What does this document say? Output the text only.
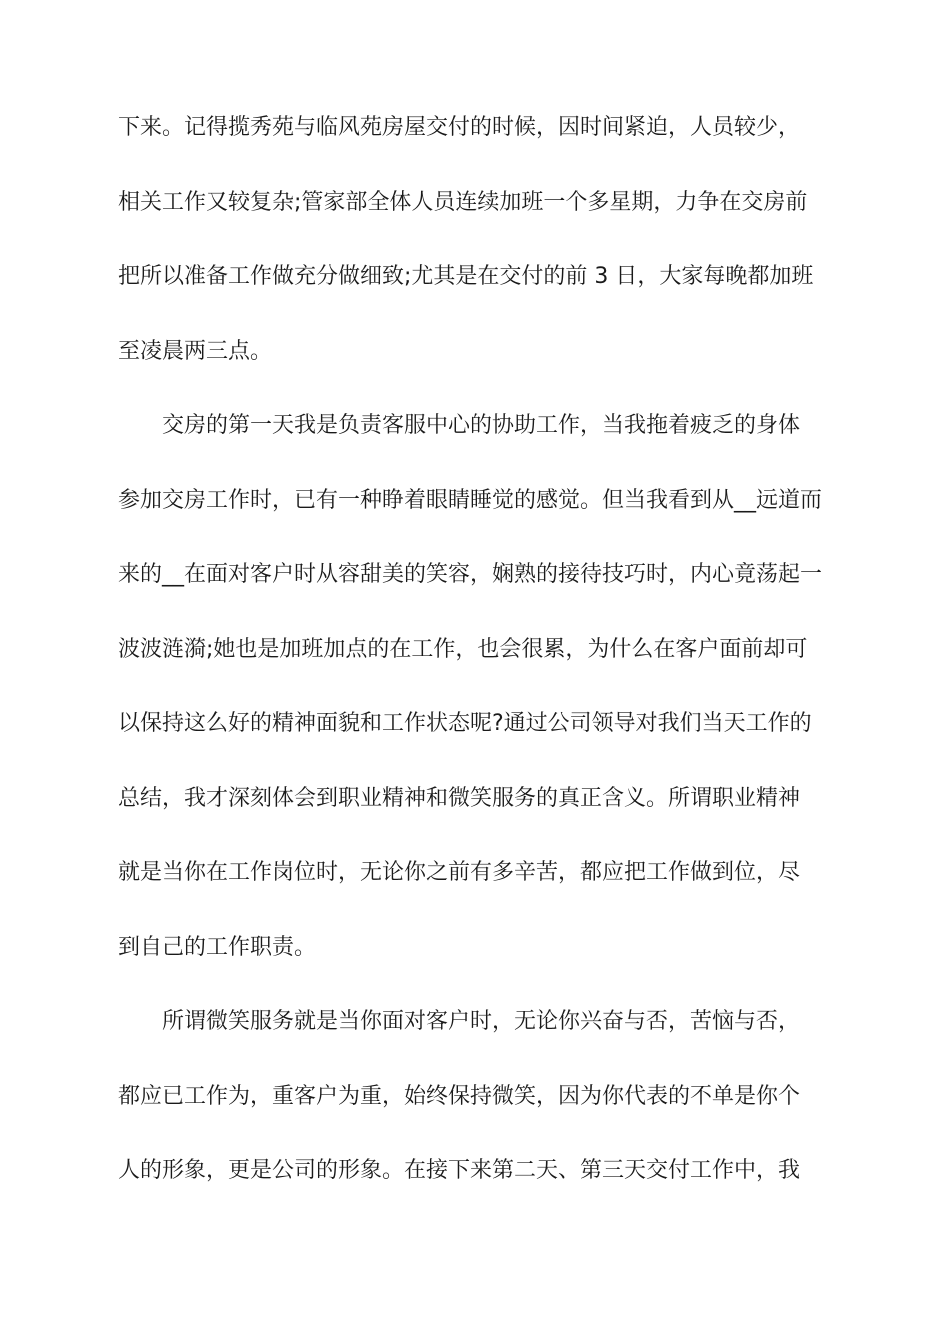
下来。记得揽秀苑与临风苑房屋交付的时候，因时间紧迫，人员较少，
相关工作又较复杂;管家部全体人员连续加班一个多星期，力争在交房前
把所以准备工作做充分做细致;尤其是在交付的前 3 日，大家每晚都加班
至凌晨两三点。
交房的第一天我是负责客服中心的协助工作，当我拖着疲乏的身体
参加交房工作时，已有一种睁着眼睛睡觉的感觉。但当我看到从__远道而
来的__在面对客户时从容甜美的笑容，娴熟的接待技巧时，内心竟荡起一
波波涟漪;她也是加班加点的在工作，也会很累，为什么在客户面前却可
以保持这么好的精神面貌和工作状态呢?通过公司领导对我们当天工作的
总结，我才深刻体会到职业精神和微笑服务的真正含义。所谓职业精神
就是当你在工作岗位时，无论你之前有多辛苦，都应把工作做到位，尽
到自己的工作职责。
所谓微笑服务就是当你面对客户时，无论你兴奋与否，苦恼与否，
都应已工作为，重客户为重，始终保持微笑，因为你代表的不单是你个
人的形象，更是公司的形象。在接下来第二天、第三天交付工作中，我
